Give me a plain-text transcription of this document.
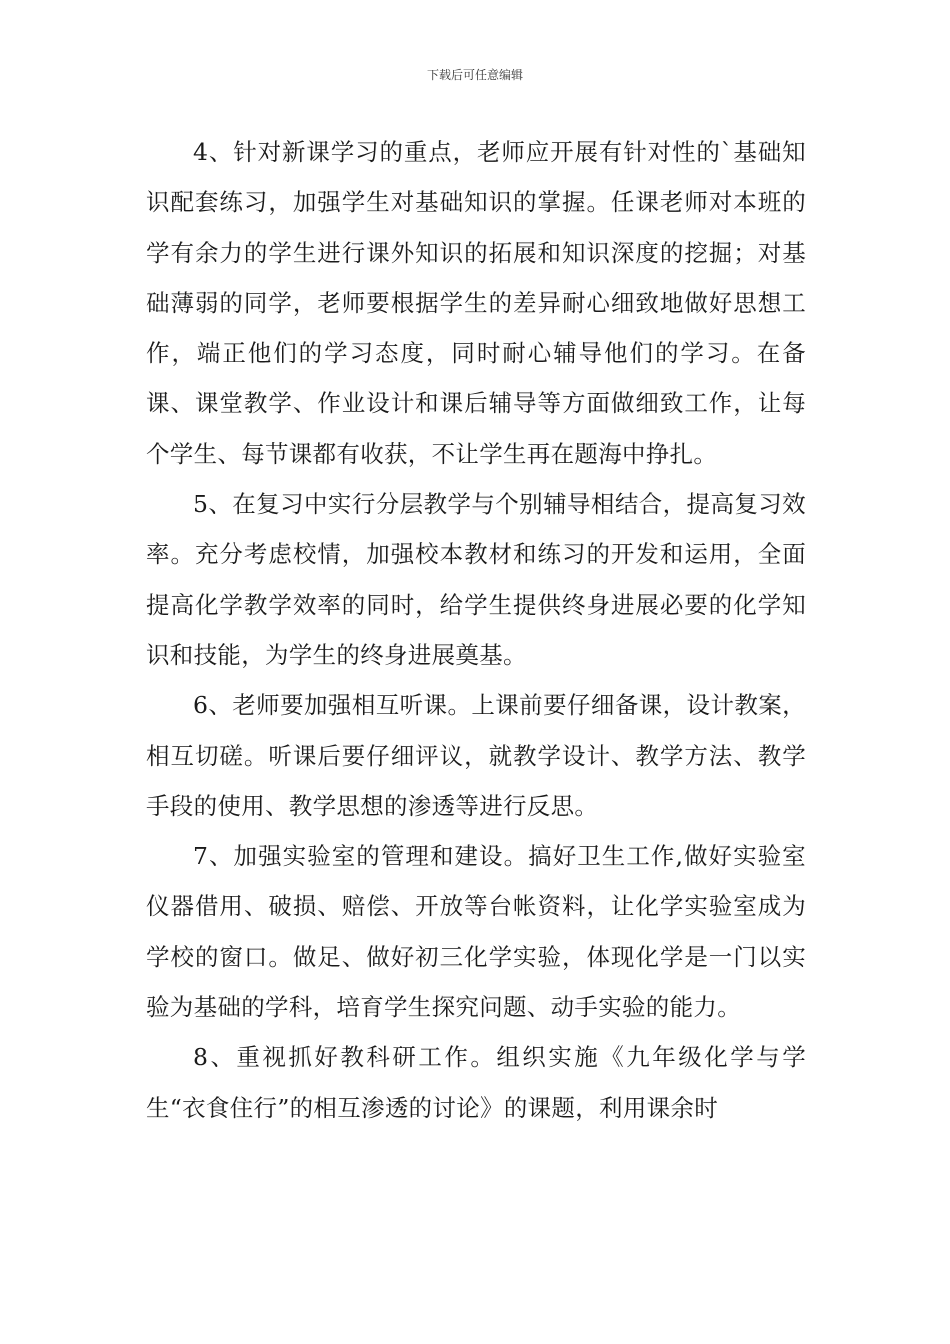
下载后可任意编辑

4、针对新课学习的重点，老师应开展有针对性的`基础知识配套练习，加强学生对基础知识的掌握。任课老师对本班的学有余力的学生进行课外知识的拓展和知识深度的挖掘；对基础薄弱的同学，老师要根据学生的差异耐心细致地做好思想工作，端正他们的学习态度，同时耐心辅导他们的学习。在备课、课堂教学、作业设计和课后辅导等方面做细致工作，让每个学生、每节课都有收获，不让学生再在题海中挣扎。

5、在复习中实行分层教学与个别辅导相结合，提高复习效率。充分考虑校情，加强校本教材和练习的开发和运用，全面提高化学教学效率的同时，给学生提供终身进展必要的化学知识和技能，为学生的终身进展奠基。

6、老师要加强相互听课。上课前要仔细备课，设计教案，相互切磋。听课后要仔细评议，就教学设计、教学方法、教学手段的使用、教学思想的渗透等进行反思。

7、加强实验室的管理和建设。搞好卫生工作,做好实验室仪器借用、破损、赔偿、开放等台帐资料，让化学实验室成为学校的窗口。做足、做好初三化学实验，体现化学是一门以实验为基础的学科，培育学生探究问题、动手实验的能力。

8、重视抓好教科研工作。组织实施《九年级化学与学生“衣食住行”的相互渗透的讨论》的课题，利用课余时
